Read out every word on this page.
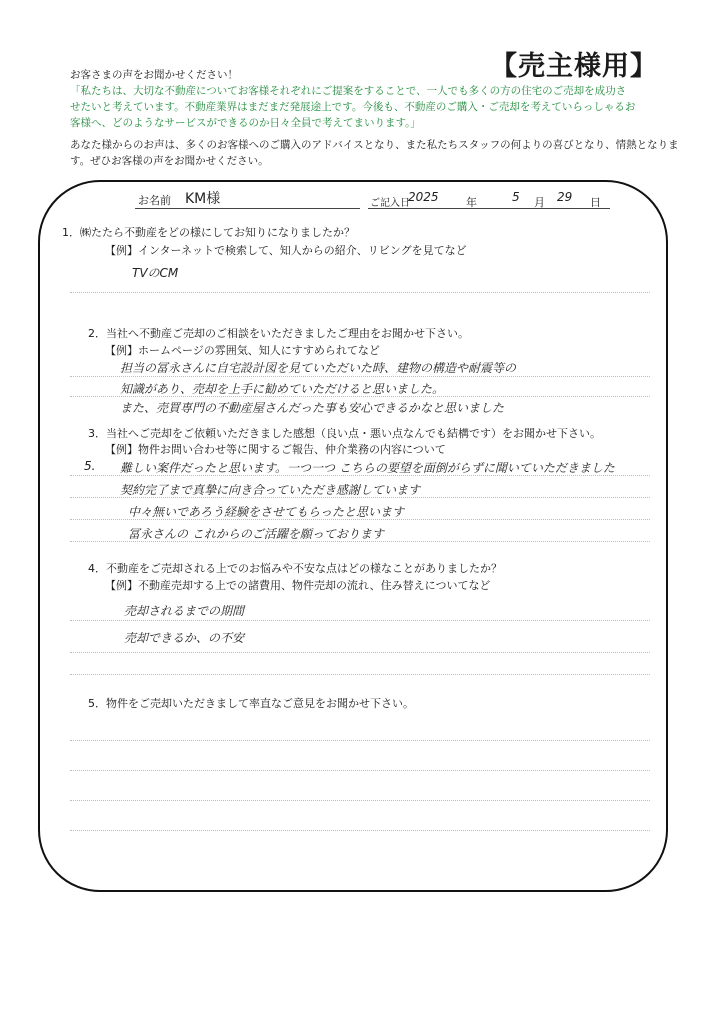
【売主様用】
お客さまの声をお聞かせください！
「私たちは、大切な不動産についてお客様それぞれにご提案をすることで、一人でも多くの方の住宅のご売却を成功さ
せたいと考えています。不動産業界はまだまだ発展途上です。今後も、不動産のご購入・ご売却を考えていらっしゃるお
客様へ、どのようなサービスができるのか日々全員で考えてまいります。」
あなた様からのお声は、多くのお客様へのご購入のアドバイスとなり、また私たちスタッフの何よりの喜びとなり、情熱となりま
す。ぜひお客様の声をお聞かせください。
お名前 KM様	ご記入日
2025 年	5 月 29 日
1．㈱たたら不動産をどの様にしてお知りになりましたか？
【例】インターネットで検索して、知人からの紹介、リビングを見てなど
TVのCM
2．当社へ不動産ご売却のご相談をいただきましたご理由をお聞かせ下さい。
【例】ホームページの雰囲気、知人にすすめられてなど
担当の冨永さんに自宅設計図を見ていただいた時、建物の構造や耐震等の
知識があり、売却を上手に勧めていただけると思いました。
また、売買専門の不動産屋さんだった事も安心できるかなと思いました
3．当社へご売却をご依頼いただきました感想（良い点・悪い点なんでも結構です）をお聞かせ下さい。
【例】物件お問い合わせ等に関するご報告、仲介業務の内容について
5. 難しい案件だったと思います。一つ一つ こちらの要望を面倒がらずに聞いていただきました
契約完了まで真摯に向き合っていただき感謝しています
中々無いであろう経験をさせてもらったと思います
冨永さんの これからのご活躍を願っております
4．不動産をご売却される上でのお悩みや不安な点はどの様なことがありましたか？
【例】不動産売却する上での諸費用、物件売却の流れ、住み替えについてなど
売却されるまでの期間
売却できるか、の不安
5．物件をご売却いただきまして率直なご意見をお聞かせ下さい。
